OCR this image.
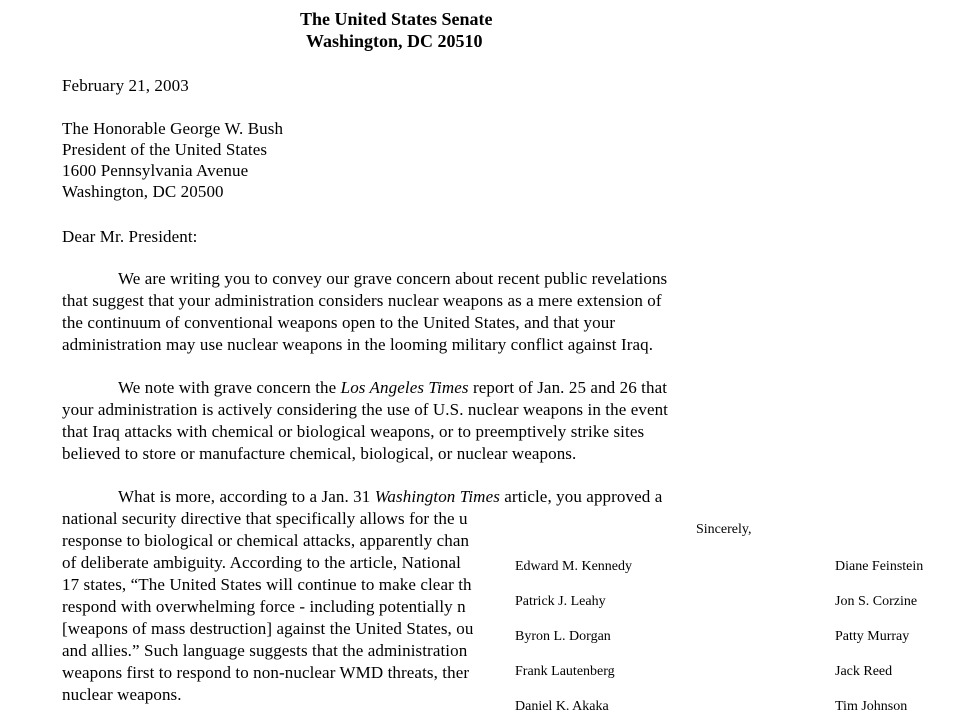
The United States Senate
Washington, DC 20510
February 21, 2003
The Honorable George W. Bush
President of the United States
1600 Pennsylvania Avenue
Washington, DC 20500
Dear Mr. President:
We are writing you to convey our grave concern about recent public revelations
that suggest that your administration considers nuclear weapons as a mere extension of
the continuum of conventional weapons open to the United States, and that your
administration may use nuclear weapons in the looming military conflict against Iraq.
We note with grave concern the Los Angeles Times report of Jan. 25 and 26 that
your administration is actively considering the use of U.S. nuclear weapons in the event
that Iraq attacks with chemical or biological weapons, or to preemptively strike sites
believed to store or manufacture chemical, biological, or nuclear weapons.
What is more, according to a Jan. 31 Washington Times article, you approved a
national security directive that specifically allows for the u
response to biological or chemical attacks, apparently chan
of deliberate ambiguity. According to the article, National
17 states, “The United States will continue to make clear th
respond with overwhelming force - including potentially n
[weapons of mass destruction] against the United States, ou
and allies.” Such language suggests that the administration
weapons first to respond to non-nuclear WMD threats, ther
nuclear weapons.
Sincerely,
Edward M. Kennedy	Diane Feinstein
Patrick J. Leahy	Jon S. Corzine
Byron L. Dorgan	Patty Murray
Frank Lautenberg	Jack Reed
Daniel K. Akaka	Tim Johnson
